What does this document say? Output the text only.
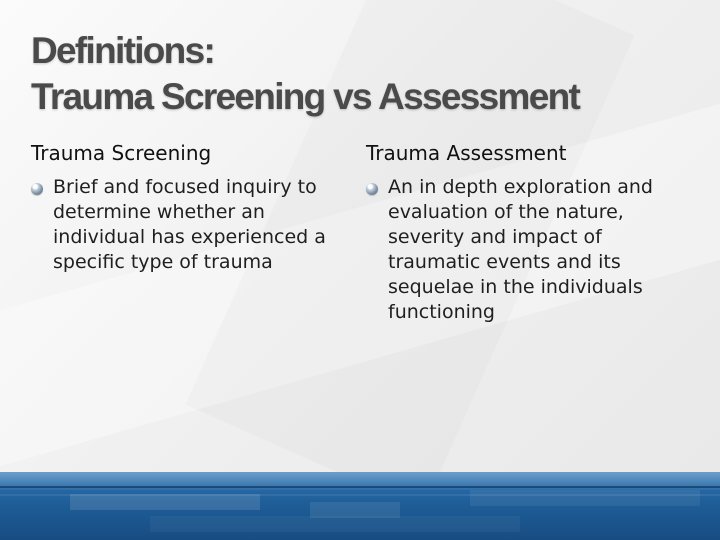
Definitions:
Trauma Screening vs Assessment
Trauma Screening

Brief and focused inquiry to
determine whether an
individual has experienced a
specific type of trauma

Trauma Assessment

An in depth exploration and
evaluation of the nature,
severity and impact of
traumatic events and its
sequelae in the individuals
functioning
